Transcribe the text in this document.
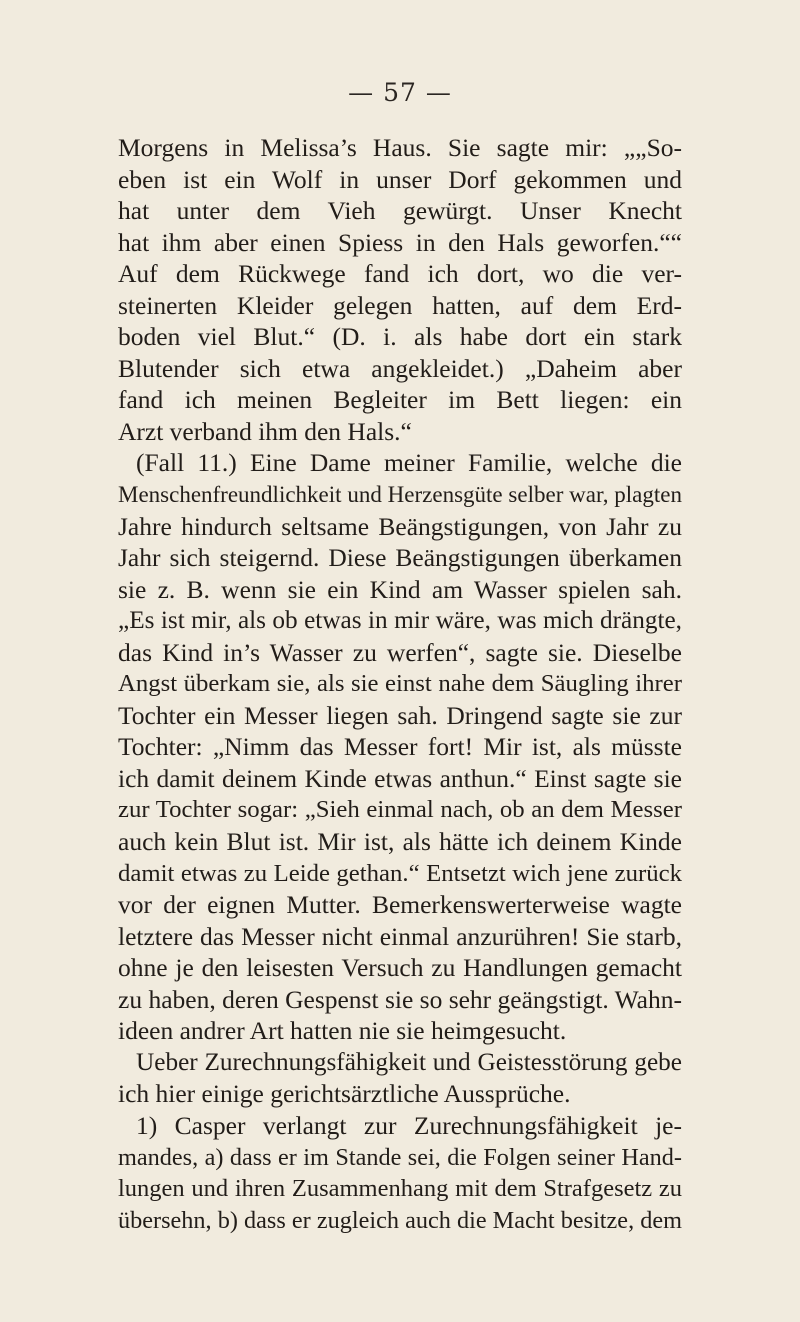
— 57 —
Morgens in Melissa’s Haus. Sie sagte mir: „„So-
eben ist ein Wolf in unser Dorf gekommen und
hat unter dem Vieh gewürgt. Unser Knecht
hat ihm aber einen Spiess in den Hals geworfen.““
Auf dem Rückwege fand ich dort, wo die ver-
steinerten Kleider gelegen hatten, auf dem Erd-
boden viel Blut.“ (D. i. als habe dort ein stark
Blutender sich etwa angekleidet.) „Daheim aber
fand ich meinen Begleiter im Bett liegen: ein
Arzt verband ihm den Hals.“
(Fall 11.) Eine Dame meiner Familie, welche die
Menschenfreundlichkeit und Herzensgüte selber war, plagten
Jahre hindurch seltsame Beängstigungen, von Jahr zu
Jahr sich steigernd. Diese Beängstigungen überkamen
sie z. B. wenn sie ein Kind am Wasser spielen sah.
„Es ist mir, als ob etwas in mir wäre, was mich drängte,
das Kind in’s Wasser zu werfen“, sagte sie. Dieselbe
Angst überkam sie, als sie einst nahe dem Säugling ihrer
Tochter ein Messer liegen sah. Dringend sagte sie zur
Tochter: „Nimm das Messer fort! Mir ist, als müsste
ich damit deinem Kinde etwas anthun.“ Einst sagte sie
zur Tochter sogar: „Sieh einmal nach, ob an dem Messer
auch kein Blut ist. Mir ist, als hätte ich deinem Kinde
damit etwas zu Leide gethan.“ Entsetzt wich jene zurück
vor der eignen Mutter. Bemerkenswerterweise wagte
letztere das Messer nicht einmal anzurühren! Sie starb,
ohne je den leisesten Versuch zu Handlungen gemacht
zu haben, deren Gespenst sie so sehr geängstigt. Wahn-
ideen andrer Art hatten nie sie heimgesucht.
Ueber Zurechnungsfähigkeit und Geistesstörung gebe
ich hier einige gerichtsärztliche Aussprüche.
1) Casper verlangt zur Zurechnungsfähigkeit je-
mandes, a) dass er im Stande sei, die Folgen seiner Hand-
lungen und ihren Zusammenhang mit dem Strafgesetz zu
übersehn, b) dass er zugleich auch die Macht besitze, dem
